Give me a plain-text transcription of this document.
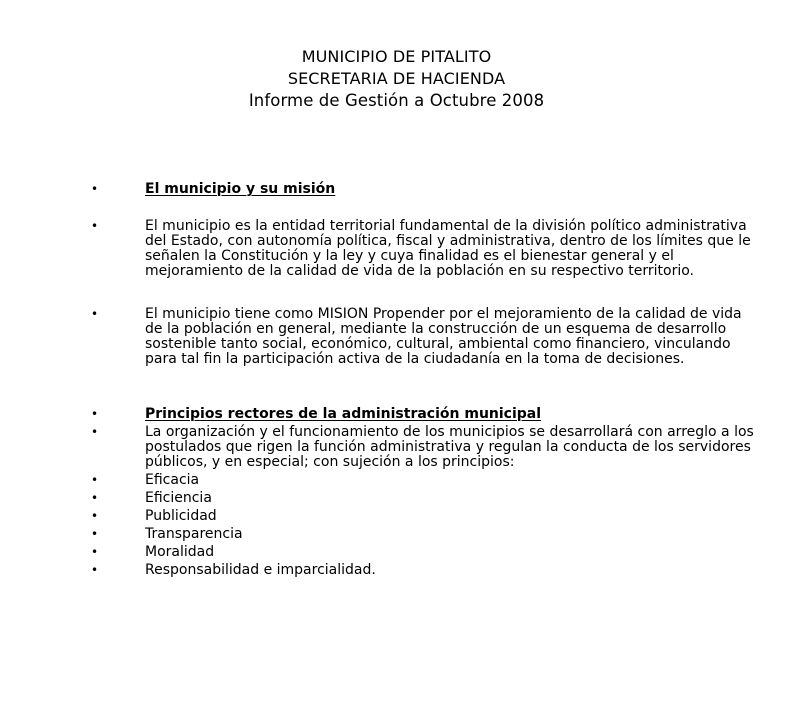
MUNICIPIO DE PITALITO
SECRETARIA DE HACIENDA
Informe de Gestión a Octubre 2008
•	El municipio y su misión
•	El municipio es la entidad territorial fundamental de la división político administrativa del Estado, con autonomía política, fiscal y administrativa, dentro de los límites que le señalen la Constitución y la ley y cuya finalidad es el bienestar general y el mejoramiento de la calidad de vida de la población en su respectivo territorio.
•	El municipio tiene como MISION Propender por el mejoramiento de la calidad de vida de la población en general, mediante la construcción de un esquema de desarrollo sostenible tanto social, económico, cultural, ambiental como financiero, vinculando para tal fin la participación activa de la ciudadanía en la toma de decisiones.
•	Principios rectores de la administración municipal
•	La organización y el funcionamiento de los municipios se desarrollará con arreglo a los postulados que rigen la función administrativa y regulan la conducta de los servidores públicos, y en especial; con sujeción a los principios:
•	Eficacia
•	Eficiencia
•	Publicidad
•	Transparencia
•	Moralidad
•	Responsabilidad e imparcialidad.
